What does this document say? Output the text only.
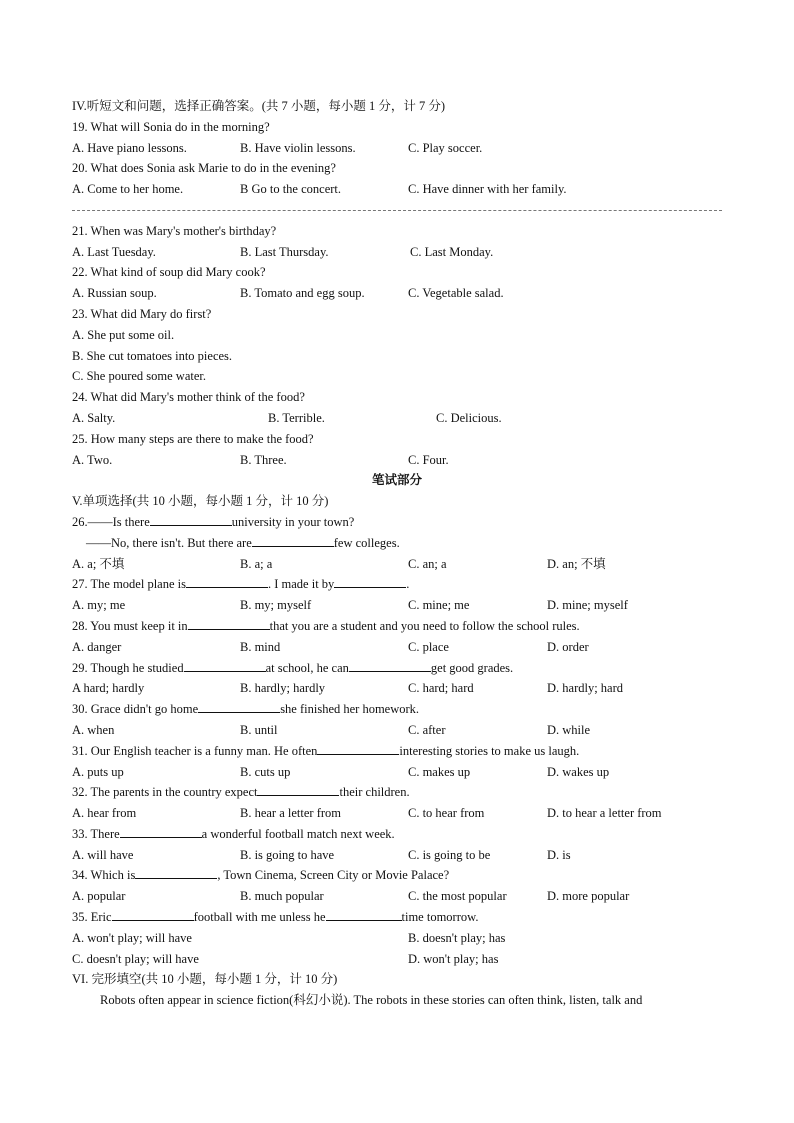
IV.听短文和问题，选择正确答案。(共 7 小题，每小题 1 分，计 7 分)
19. What will Sonia do in the morning?
A. Have piano lessons.	B. Have violin lessons.	C. Play soccer.
20. What does Sonia ask Marie to do in the evening?
A. Come to her home.	B Go to the concert.	C. Have dinner with her family.
21. When was Mary's mother's birthday?
A. Last Tuesday.	B. Last Thursday.	C. Last Monday.
22. What kind of soup did Mary cook?
A. Russian soup.	B. Tomato and egg soup.	C. Vegetable salad.
23. What did Mary do first?
A. She put some oil.
B. She cut tomatoes into pieces.
C. She poured some water.
24. What did Mary's mother think of the food?
A. Salty.	B. Terrible.	C. Delicious.
25. How many steps are there to make the food?
A. Two.	B. Three.	C. Four.
笔试部分
V.单项选择(共 10 小题，每小题 1 分，计 10 分)
26.——Is there	university in your town?
——No, there isn't. But there are	few colleges.
A. a; 不填	B. a; a	C. an; a	D. an; 不填
27. The model plane is	. I made it by	.
A. my; me	B. my; myself	C. mine; me	D. mine; myself
28. You must keep it in	that you are a student and you need to follow the school rules.
A. danger	B. mind	C. place	D. order
29. Though he studied	at school, he can	get good grades.
A hard; hardly	B. hardly; hardly	C. hard; hard	D. hardly; hard
30. Grace didn't go home	she finished her homework.
A. when	B. until	C. after	D. while
31. Our English teacher is a funny man. He often	interesting stories to make us laugh.
A. puts up	B. cuts up	C. makes up	D. wakes up
32. The parents in the country expect	their children.
A. hear from	B. hear a letter from	C. to hear from	D. to hear a letter from
33. There	a wonderful football match next week.
A. will have	B. is going to have	C. is going to be	D. is
34. Which is	, Town Cinema, Screen City or Movie Palace?
A. popular	B. much popular	C. the most popular	D. more popular
35. Eric	football with me unless he	time tomorrow.
A. won't play; will have	B. doesn't play; has
C. doesn't play; will have	D. won't play; has
VI. 完形填空(共 10 小题，每小题 1 分，计 10 分)
Robots often appear in science fiction(科幻小说). The robots in these stories can often think, listen, talk and
